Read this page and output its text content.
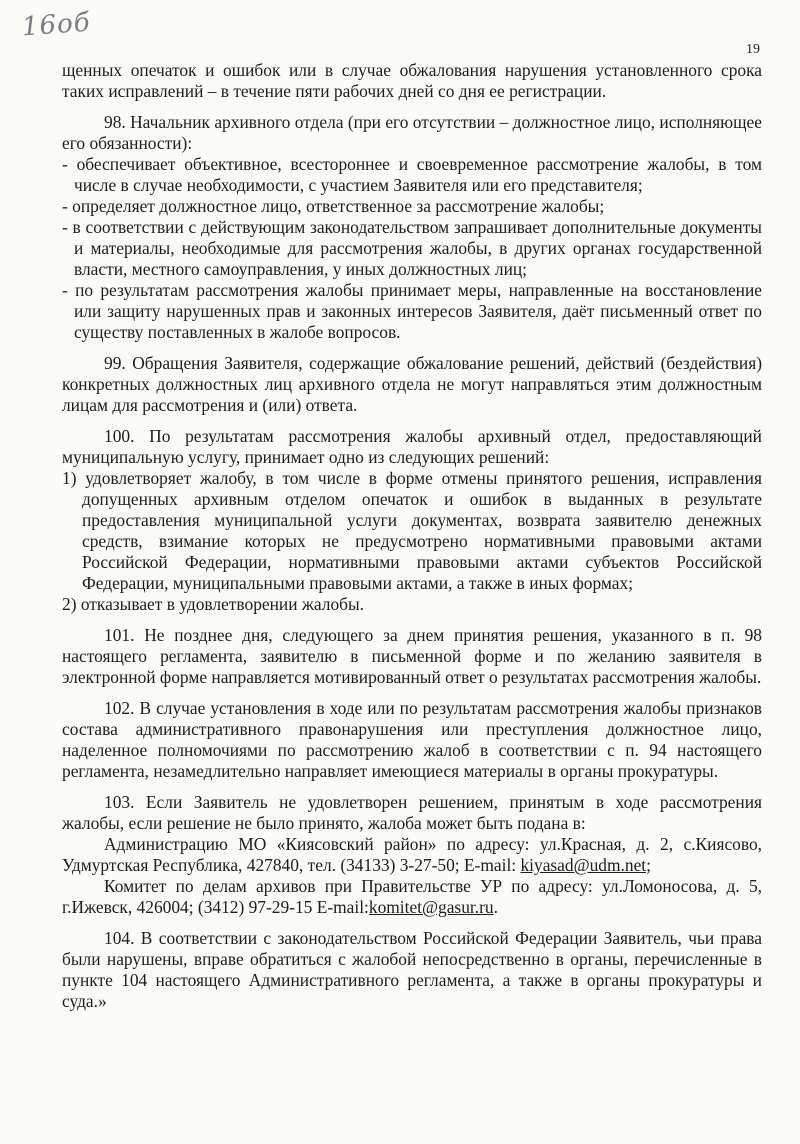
16об
19

щенных опечаток и ошибок или в случае обжалования нарушения установленного срока таких исправлений – в течение пяти рабочих дней со дня ее регистрации.

98. Начальник архивного отдела (при его отсутствии – должностное лицо, исполняющее его обязанности):

- обеспечивает объективное, всестороннее и своевременное рассмотрение жалобы, в том числе в случае необходимости, с участием Заявителя или его представителя;

- определяет должностное лицо, ответственное за рассмотрение жалобы;

- в соответствии с действующим законодательством запрашивает дополнительные документы и материалы, необходимые для рассмотрения жалобы, в других органах государственной власти, местного самоуправления, у иных должностных лиц;

- по результатам рассмотрения жалобы принимает меры, направленные на восстановление или защиту нарушенных прав и законных интересов Заявителя, даёт письменный ответ по существу поставленных в жалобе вопросов.

99. Обращения Заявителя, содержащие обжалование решений, действий (бездействия) конкретных должностных лиц архивного отдела не могут направляться этим должностным лицам для рассмотрения и (или) ответа.

100. По результатам рассмотрения жалобы архивный отдел, предоставляющий муниципальную услугу, принимает одно из следующих решений:

1) удовлетворяет жалобу, в том числе в форме отмены принятого решения, исправления допущенных архивным отделом опечаток и ошибок в выданных в результате предоставления муниципальной услуги документах, возврата заявителю денежных средств, взимание которых не предусмотрено нормативными правовыми актами Российской Федерации, нормативными правовыми актами субъектов Российской Федерации, муниципальными правовыми актами, а также в иных формах;

2) отказывает в удовлетворении жалобы.

101. Не позднее дня, следующего за днем принятия решения, указанного в п. 98 настоящего регламента, заявителю в письменной форме и по желанию заявителя в электронной форме направляется мотивированный ответ о результатах рассмотрения жалобы.

102. В случае установления в ходе или по результатам рассмотрения жалобы признаков состава административного правонарушения или преступления должностное лицо, наделенное полномочиями по рассмотрению жалоб в соответствии с п. 94 настоящего регламента, незамедлительно направляет имеющиеся материалы в органы прокуратуры.

103. Если Заявитель не удовлетворен решением, принятым в ходе рассмотрения жалобы, если решение не было принято, жалоба может быть подана в:

Администрацию МО «Киясовский район» по адресу: ул.Красная, д. 2, с.Киясово, Удмуртская Республика, 427840, тел. (34133) 3-27-50; E-mail: kiyasad@udm.net;

Комитет по делам архивов при Правительстве УР по адресу: ул.Ломоносова, д. 5, г.Ижевск, 426004; (3412) 97-29-15 E-mail:komitet@gasur.ru.

104. В соответствии с законодательством Российской Федерации Заявитель, чьи права были нарушены, вправе обратиться с жалобой непосредственно в органы, перечисленные в пункте 104 настоящего Административного регламента, а также в органы прокуратуры и суда.»
